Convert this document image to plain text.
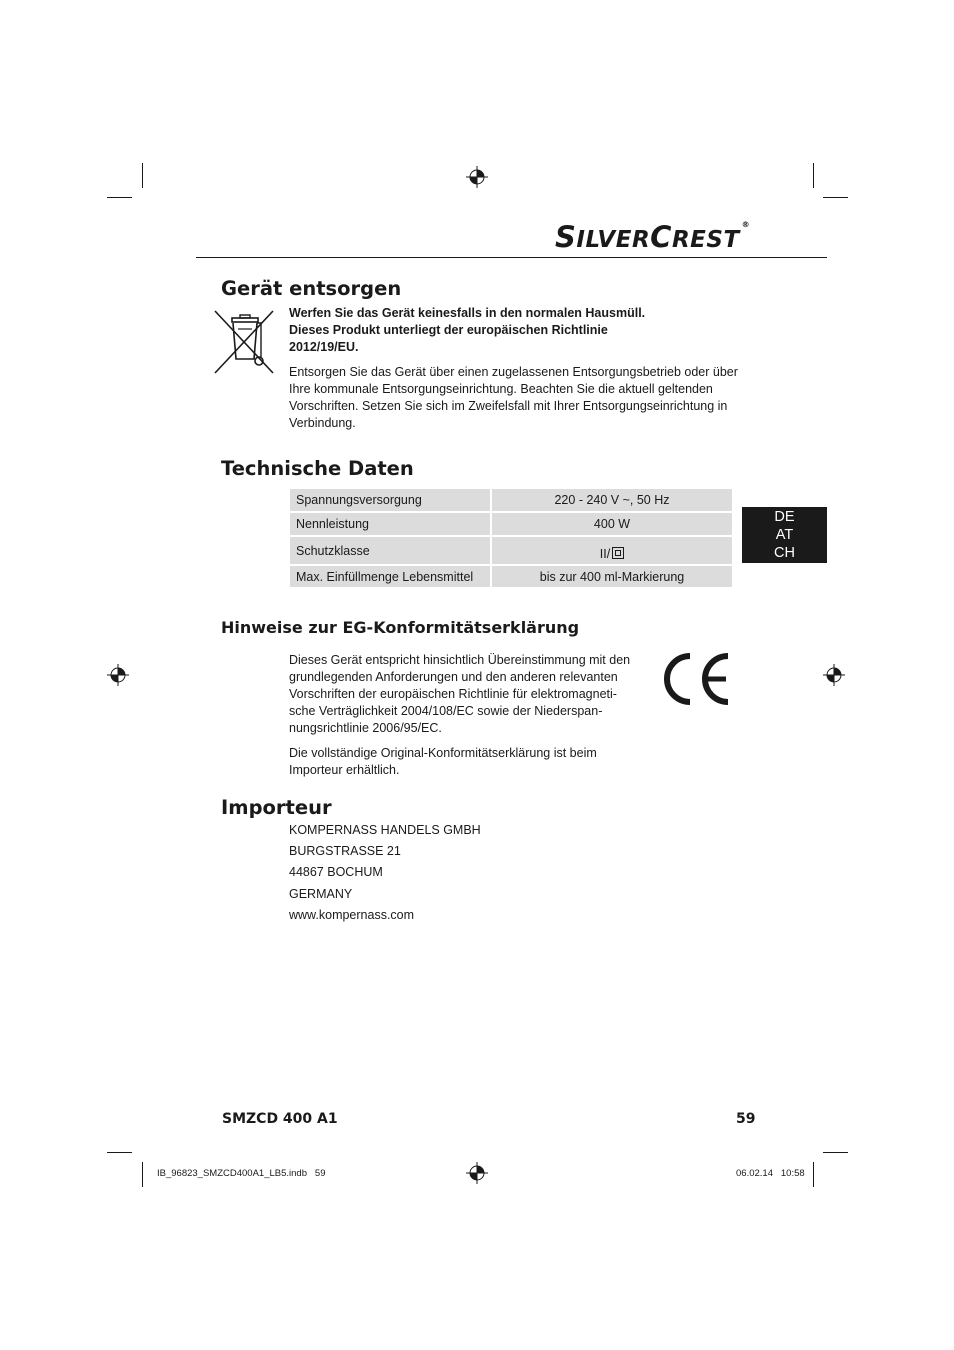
SILVERCREST®
Gerät entsorgen
Werfen Sie das Gerät keinesfalls in den normalen Hausmüll.
Dieses Produkt unterliegt der europäischen Richtlinie
2012/19/EU.
Entsorgen Sie das Gerät über einen zugelassenen Entsorgungsbetrieb oder über
Ihre kommunale Entsorgungseinrichtung. Beachten Sie die aktuell geltenden
Vorschriften. Setzen Sie sich im Zweifelsfall mit Ihrer Entsorgungseinrichtung in
Verbindung.
Technische Daten
Spannungsversorgung	220 - 240 V ~, 50 Hz
Nennleistung	400 W
Schutzklasse	II/
Max. Einfüllmenge Lebensmittel	bis zur 400 ml-Markierung
DE
AT
CH
Hinweise zur EG-Konformitätserklärung
Dieses Gerät entspricht hinsichtlich Übereinstimmung mit den
grundlegenden Anforderungen und den anderen relevanten
Vorschriften der europäischen Richtlinie für elektromagneti-
sche Verträglichkeit 2004/108/EC sowie der Niederspan-
nungsrichtlinie 2006/95/EC.
Die vollständige Original-Konformitätserklärung ist beim
Importeur erhältlich.
Importeur
KOMPERNASS HANDELS GMBH
BURGSTRASSE 21
44867 BOCHUM
GERMANY
www.kompernass.com
SMZCD 400 A1	59
IB_96823_SMZCD400A1_LB5.indb   59	06.02.14   10:58
